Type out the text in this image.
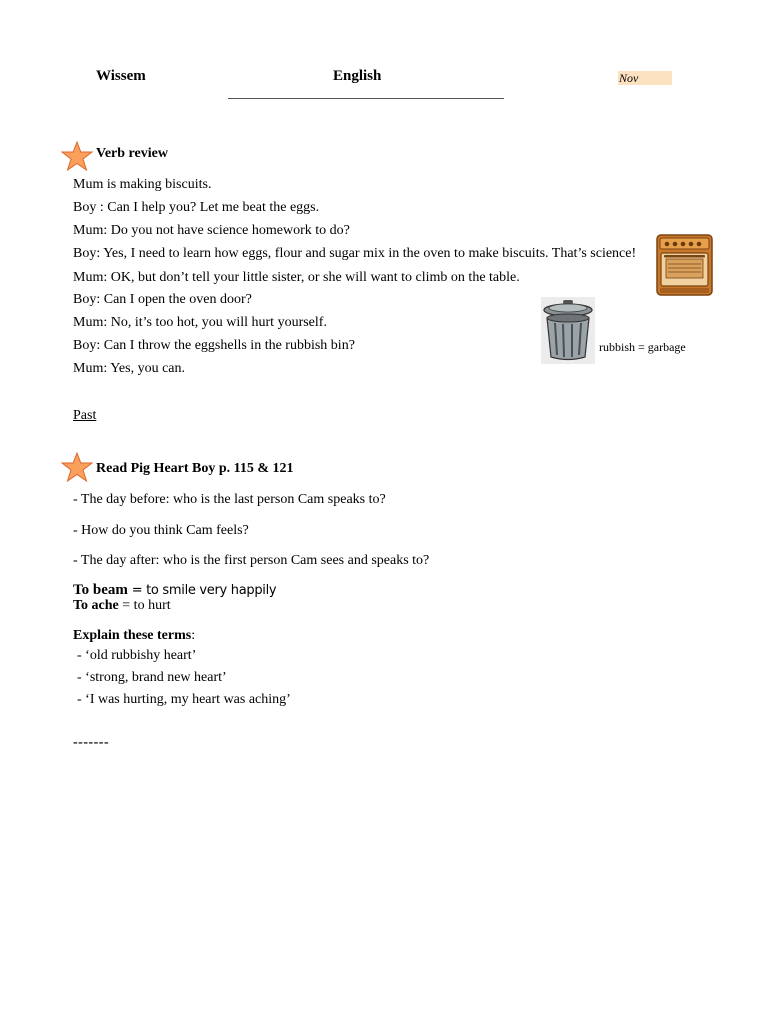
Wissem	English	Nov
Verb review
Mum is making biscuits.
Boy : Can I help you? Let me beat the eggs.
Mum: Do you not have science homework to do?
Boy: Yes, I need to learn how eggs, flour and sugar mix in the oven to make biscuits. That’s science!
Mum: OK, but don’t tell your little sister, or she will want to climb on the table.
Boy: Can I open the oven door?
Mum: No, it’s too hot, you will hurt yourself.
Boy: Can I throw the eggshells in the rubbish bin?
Mum: Yes, you can.
rubbish = garbage
Past
Read Pig Heart Boy p. 115 & 121
- The day before: who is the last person Cam speaks to?
- How do you think Cam feels?
- The day after: who is the first person Cam sees and speaks to?
To beam = to smile very happily
To ache = to hurt
Explain these terms:
- ‘old rubbishy heart’
- ‘strong, brand new heart’
- ‘I was hurting, my heart was aching’
-------
